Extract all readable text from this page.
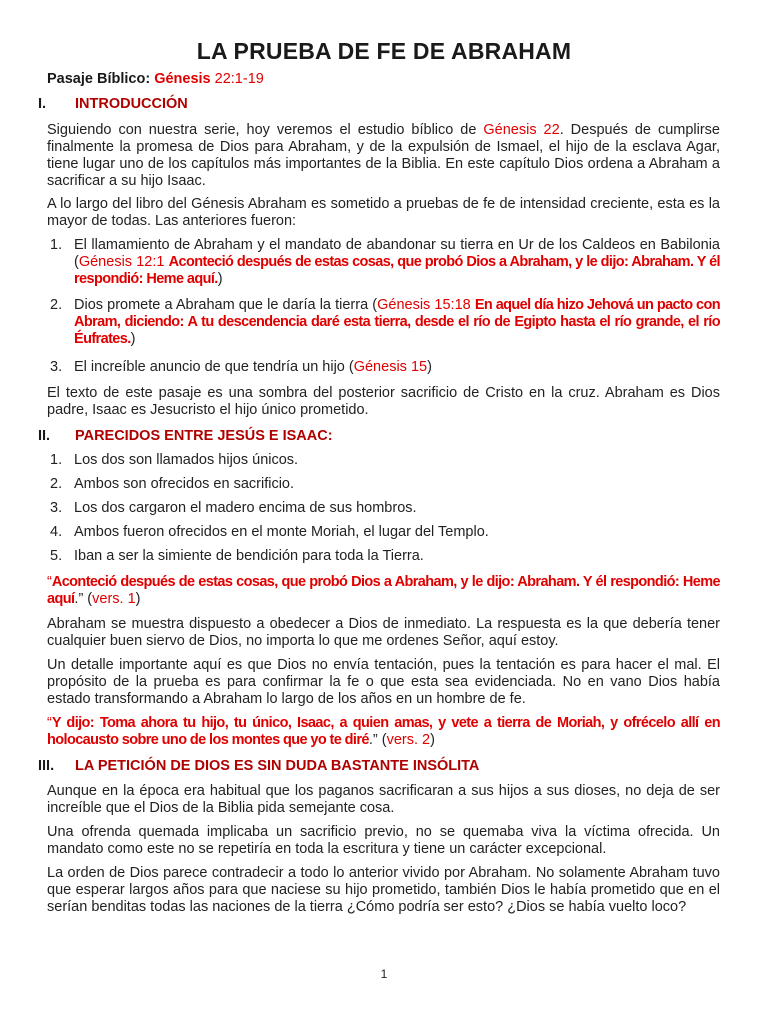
LA PRUEBA DE FE DE ABRAHAM

Pasaje Bíblico: Génesis 22:1-19

I. INTRODUCCIÓN

Siguiendo con nuestra serie, hoy veremos el estudio bíblico de Génesis 22. Después de cumplirse finalmente la promesa de Dios para Abraham, y de la expulsión de Ismael, el hijo de la esclava Agar, tiene lugar uno de los capítulos más importantes de la Biblia. En este capítulo Dios ordena a Abraham a sacrificar a su hijo Isaac.

A lo largo del libro del Génesis Abraham es sometido a pruebas de fe de intensidad creciente, esta es la mayor de todas. Las anteriores fueron:

1. El llamamiento de Abraham y el mandato de abandonar su tierra en Ur de los Caldeos en Babilonia (Génesis 12:1 Aconteció después de estas cosas, que probó Dios a Abraham, y le dijo: Abraham. Y él respondió: Heme aquí.)
2. Dios promete a Abraham que le daría la tierra (Génesis 15:18 En aquel día hizo Jehová un pacto con Abram, diciendo: A tu descendencia daré esta tierra, desde el río de Egipto hasta el río grande, el río Éufrates.)
3. El increíble anuncio de que tendría un hijo (Génesis 15)

El texto de este pasaje es una sombra del posterior sacrificio de Cristo en la cruz. Abraham es Dios padre, Isaac es Jesucristo el hijo único prometido.

II. PARECIDOS ENTRE JESÚS E ISAAC:

1. Los dos son llamados hijos únicos.
2. Ambos son ofrecidos en sacrificio.
3. Los dos cargaron el madero encima de sus hombros.
4. Ambos fueron ofrecidos en el monte Moriah, el lugar del Templo.
5. Iban a ser la simiente de bendición para toda la Tierra.

“Aconteció después de estas cosas, que probó Dios a Abraham, y le dijo: Abraham. Y él respondió: Heme aquí.” (vers. 1)

Abraham se muestra dispuesto a obedecer a Dios de inmediato. La respuesta es la que debería tener cualquier buen siervo de Dios, no importa lo que me ordenes Señor, aquí estoy.

Un detalle importante aquí es que Dios no envía tentación, pues la tentación es para hacer el mal. El propósito de la prueba es para confirmar la fe o que esta sea evidenciada. No en vano Dios había estado transformando a Abraham lo largo de los años en un hombre de fe.

“Y dijo: Toma ahora tu hijo, tu único, Isaac, a quien amas, y vete a tierra de Moriah, y ofrécelo allí en holocausto sobre uno de los montes que yo te diré.” (vers. 2)

III. LA PETICIÓN DE DIOS ES SIN DUDA BASTANTE INSÓLITA

Aunque en la época era habitual que los paganos sacrificaran a sus hijos a sus dioses, no deja de ser increíble que el Dios de la Biblia pida semejante cosa.

Una ofrenda quemada implicaba un sacrificio previo, no se quemaba viva la víctima ofrecida. Un mandato como este no se repetiría en toda la escritura y tiene un carácter excepcional.

La orden de Dios parece contradecir a todo lo anterior vivido por Abraham. No solamente Abraham tuvo que esperar largos años para que naciese su hijo prometido, también Dios le había prometido que en el serían benditas todas las naciones de la tierra ¿Cómo podría ser esto? ¿Dios se había vuelto loco?

1
